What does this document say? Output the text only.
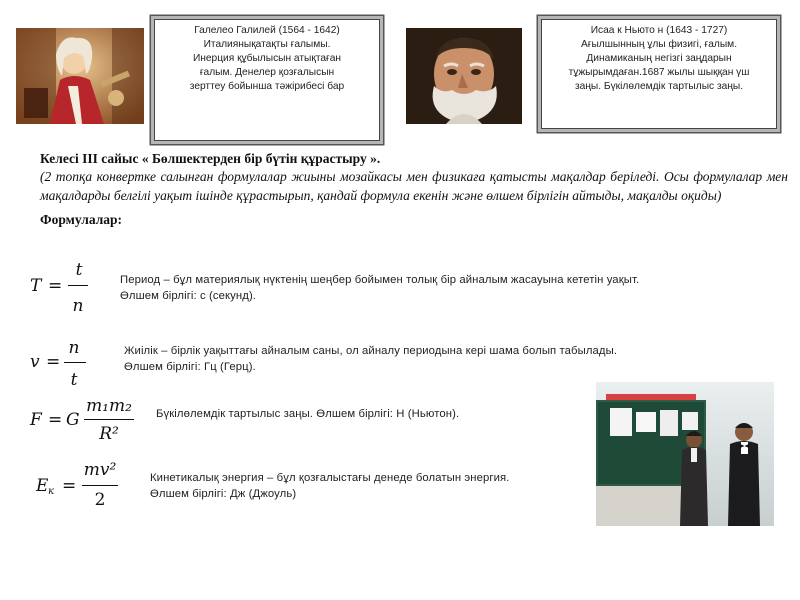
Галелео Галилей (1564 - 1642)
Италиянықатақты ғалымы.
Инерция құбылысын атықтаған
ғалым. Денелер қозғалысын
зерттеу бойынша тәжірибесі бар
Исаа к Ньюто н (1643 - 1727)
Ағылшынның ұлы физигі, ғалым.
Динамиканың негізгі заңдарын
тұжырымдаған.1687 жылы шыққан үш
заңы. Бүкілөлемдік тартылыс заңы.
Келесі ІІІ сайыс « Бөлшектерден бір бүтін құрастыру ».
(2 топқа конвертке салынған формулалар жиыны мозайкасы мен физикаға қатысты мақалдар беріледі. Осы формулалар мен мақалдарды белгілі уақыт ішінде құрастырып, қандай формула екенін және өлшем бірлігін айтыды, мақалды оқиды)
Формулалар:
T =
t
n
Период – бұл материялық нүктенің шеңбер бойымен толық бір айналым жасауына кететін уақыт.
Өлшем бірлігі: с (секунд).
v =
n
t
Жиілік – бірлік уақыттағы айналым саны, ол айналу периодына кері шама болып табылады.
Өлшем бірлігі: Гц (Герц).
F = G
m₁m₂
R²
Бүкілөлемдік тартылыс заңы. Өлшем бірлігі: Н (Ньютон).
E к =
mv²
2
Кинетикалық энергия – бұл қозғалыстағы денеде болатын энергия.
Өлшем бірлігі: Дж (Джоуль)
